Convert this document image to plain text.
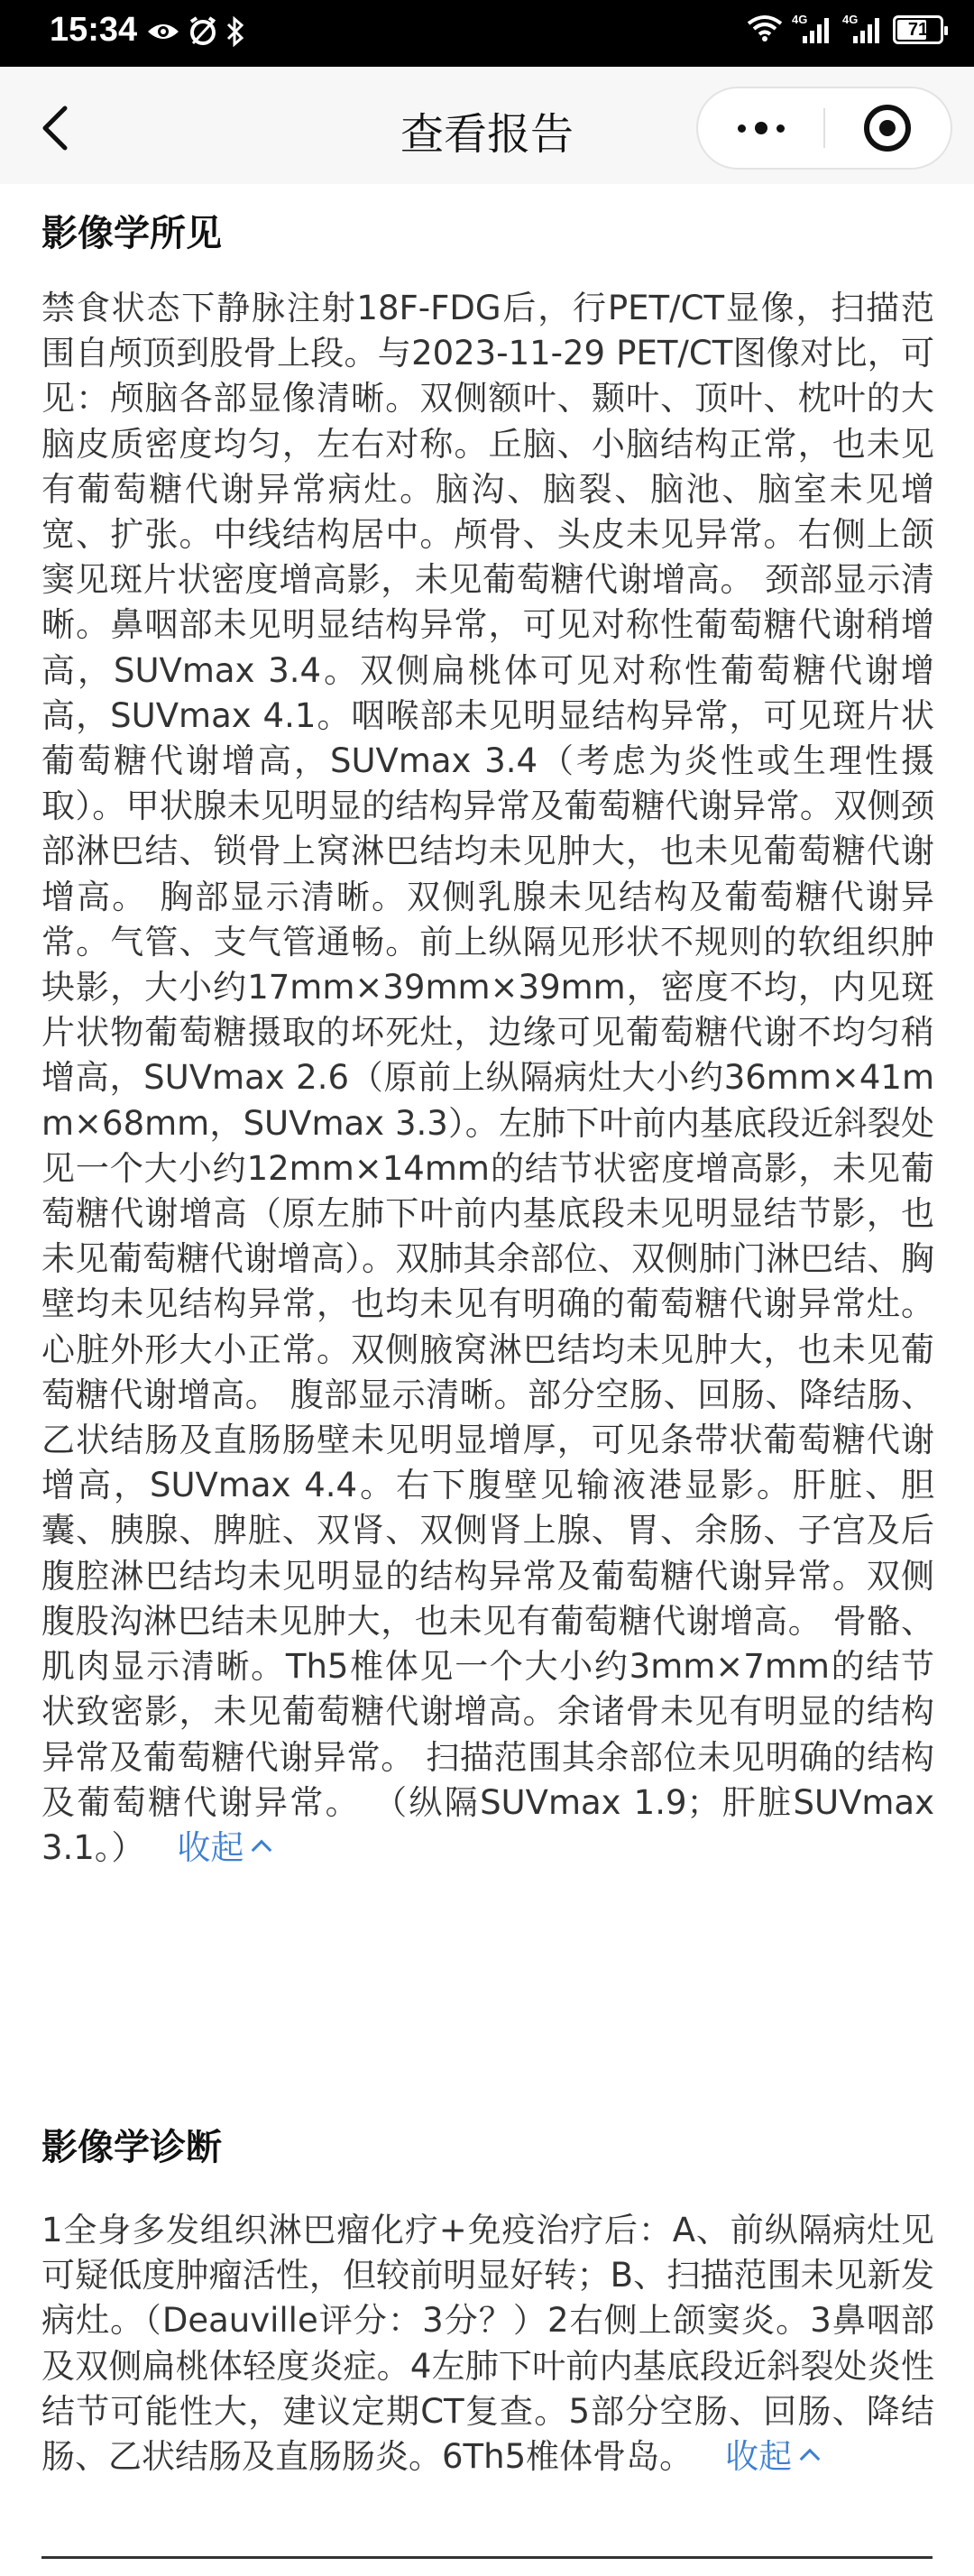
15:34	4G	4G	71
查看报告
影像学所见
禁食状态下静脉注射18F-FDG后，行PET/CT显像，扫描范围自颅顶到股骨上段。与2023-11-29 PET/CT图像对比，可见：颅脑各部显像清晰。双侧额叶、颞叶、顶叶、枕叶的大脑皮质密度均匀，左右对称。丘脑、小脑结构正常，也未见有葡萄糖代谢异常病灶。脑沟、脑裂、脑池、脑室未见增宽、扩张。中线结构居中。颅骨、头皮未见异常。右侧上颌窦见斑片状密度增高影，未见葡萄糖代谢增高。 颈部显示清晰。鼻咽部未见明显结构异常，可见对称性葡萄糖代谢稍增高，SUVmax 3.4。双侧扁桃体可见对称性葡萄糖代谢增高，SUVmax 4.1。咽喉部未见明显结构异常，可见斑片状葡萄糖代谢增高，SUVmax 3.4（考虑为炎性或生理性摄取）。甲状腺未见明显的结构异常及葡萄糖代谢异常。双侧颈部淋巴结、锁骨上窝淋巴结均未见肿大，也未见葡萄糖代谢增高。 胸部显示清晰。双侧乳腺未见结构及葡萄糖代谢异常。气管、支气管通畅。前上纵隔见形状不规则的软组织肿块影，大小约17mm×39mm×39mm，密度不均，内见斑片状物葡萄糖摄取的坏死灶，边缘可见葡萄糖代谢不均匀稍增高，SUVmax 2.6（原前上纵隔病灶大小约36mm×41mm×68mm，SUVmax 3.3）。左肺下叶前内基底段近斜裂处见一个大小约12mm×14mm的结节状密度增高影，未见葡萄糖代谢增高（原左肺下叶前内基底段未见明显结节影，也未见葡萄糖代谢增高）。双肺其余部位、双侧肺门淋巴结、胸壁均未见结构异常，也均未见有明确的葡萄糖代谢异常灶。心脏外形大小正常。双侧腋窝淋巴结均未见肿大，也未见葡萄糖代谢增高。 腹部显示清晰。部分空肠、回肠、降结肠、乙状结肠及直肠肠壁未见明显增厚，可见条带状葡萄糖代谢增高，SUVmax 4.4。右下腹壁见输液港显影。肝脏、胆囊、胰腺、脾脏、双肾、双侧肾上腺、胃、余肠、子宫及后腹腔淋巴结均未见明显的结构异常及葡萄糖代谢异常。双侧腹股沟淋巴结未见肿大，也未见有葡萄糖代谢增高。 骨骼、肌肉显示清晰。Th5椎体见一个大小约3mm×7mm的结节状致密影，未见葡萄糖代谢增高。余诸骨未见有明显的结构异常及葡萄糖代谢异常。 扫描范围其余部位未见明确的结构及葡萄糖代谢异常。 （纵隔SUVmax 1.9；肝脏SUVmax 3.1。） 收起
影像学诊断
1全身多发组织淋巴瘤化疗+免疫治疗后：A、前纵隔病灶见可疑低度肿瘤活性，但较前明显好转；B、扫描范围未见新发病灶。（Deauville评分：3分？）2右侧上颌窦炎。3鼻咽部及双侧扁桃体轻度炎症。4左肺下叶前内基底段近斜裂处炎性结节可能性大，建议定期CT复查。5部分空肠、回肠、降结肠、乙状结肠及直肠肠炎。6Th5椎体骨岛。 收起
